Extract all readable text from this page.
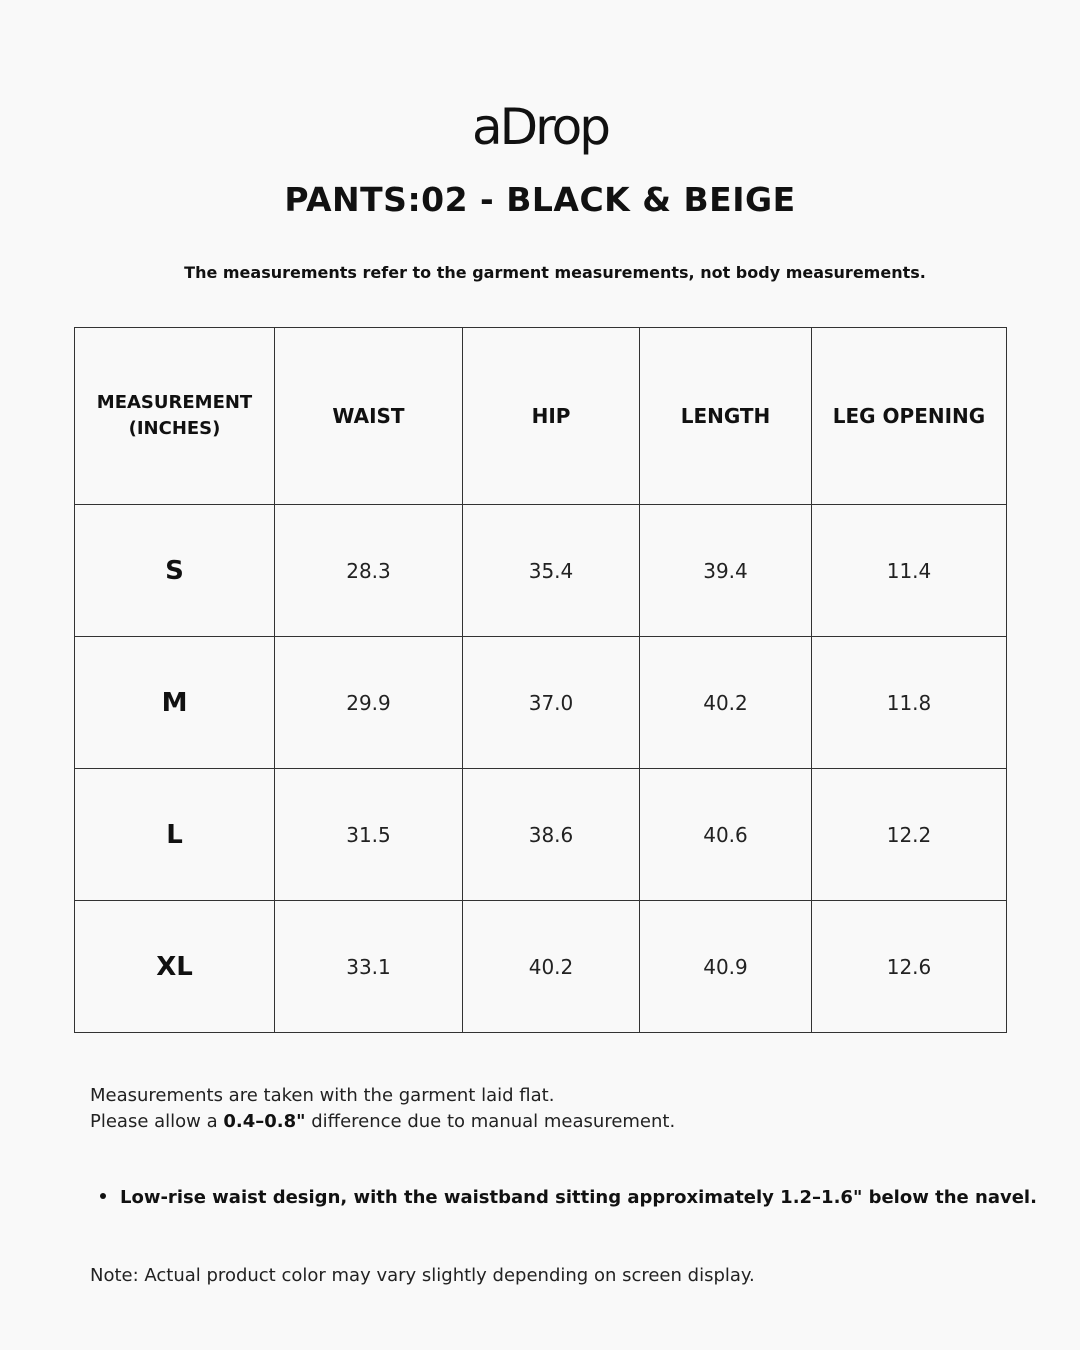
aDrop
PANTS:02 - BLACK & BEIGE
The measurements refer to the garment measurements, not body measurements.
MEASUREMENT
(INCHES)	WAIST	HIP	LENGTH	LEG OPENING
S	28.3	35.4	39.4	11.4
M	29.9	37.0	40.2	11.8
L	31.5	38.6	40.6	12.2
XL	33.1	40.2	40.9	12.6
Measurements are taken with the garment laid flat.
Please allow a 0.4–0.8" difference due to manual measurement.
Low-rise waist design, with the waistband sitting approximately 1.2–1.6" below the navel.
Note: Actual product color may vary slightly depending on screen display.
